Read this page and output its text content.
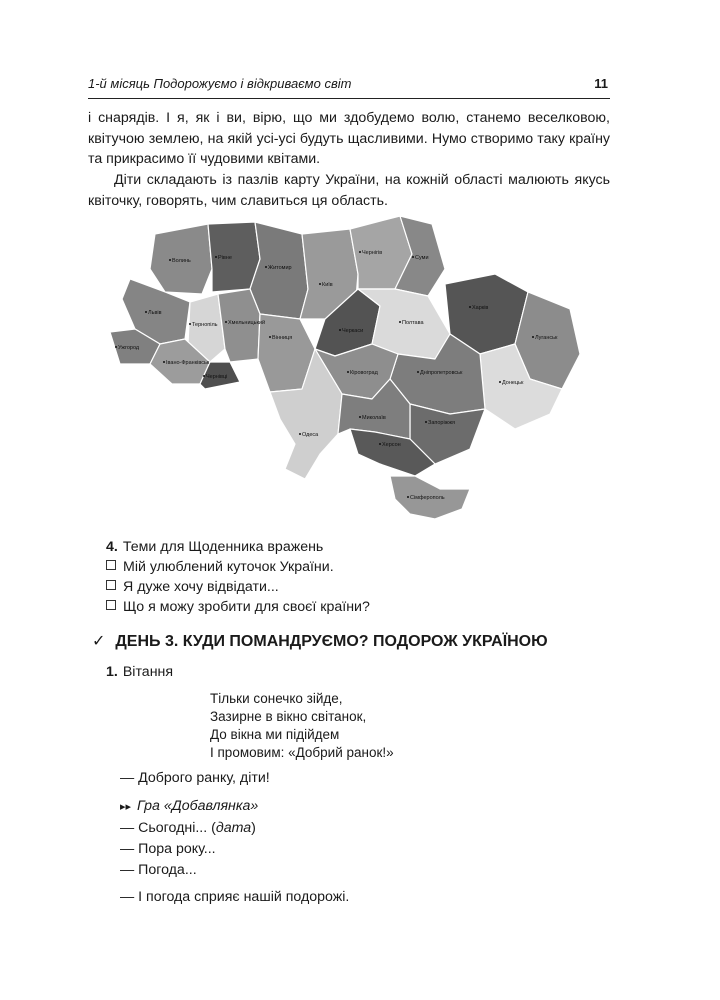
1-й місяць Подорожуємо і відкриваємо світ	11

і снарядів. І я, як і ви, вірю, що ми здобудемо волю, станемо веселковою, квітучою землею, на якій усі-усі будуть щасливими. Нумо створимо таку країну та прикрасимо її чудовими квітами.

Діти складають із пазлів карту України, на кожній області малюють якусь квіточку, говорять, чим славиться ця область.

Волинь	Рівне
Житомир
Київ
Чернігів
Суми
Харків
Луганськ
Донецьк
Львів
Тернопіль Хмельницький
Вінниця
Черкаси
Полтава
Дніпропетровськ
Ужгород
Івано-Франківськ
Чернівці
Кіровоград
Запоріжжя
Одеса
Миколаїв
Херсон
Сімферополь
4. Теми для Щоденника вражень
Мій улюблений куточок України.
Я дуже хочу відвідати...
Що я можу зробити для своєї країни?
✓ ДЕНЬ 3. КУДИ ПОМАНДРУЄМО? ПОДОРОЖ УКРАЇНОЮ
1. Вітання
Тільки сонечко зійде,
Зазирне в вікно світанок,
До вікна ми підійдем
І промовим: «Добрий ранок!»
— Доброго ранку, діти!
▸▸ Гра «Добавлянка»
— Сьогодні... (дата)
— Пора року...
— Погода...
— І погода сприяє нашій подорожі.
